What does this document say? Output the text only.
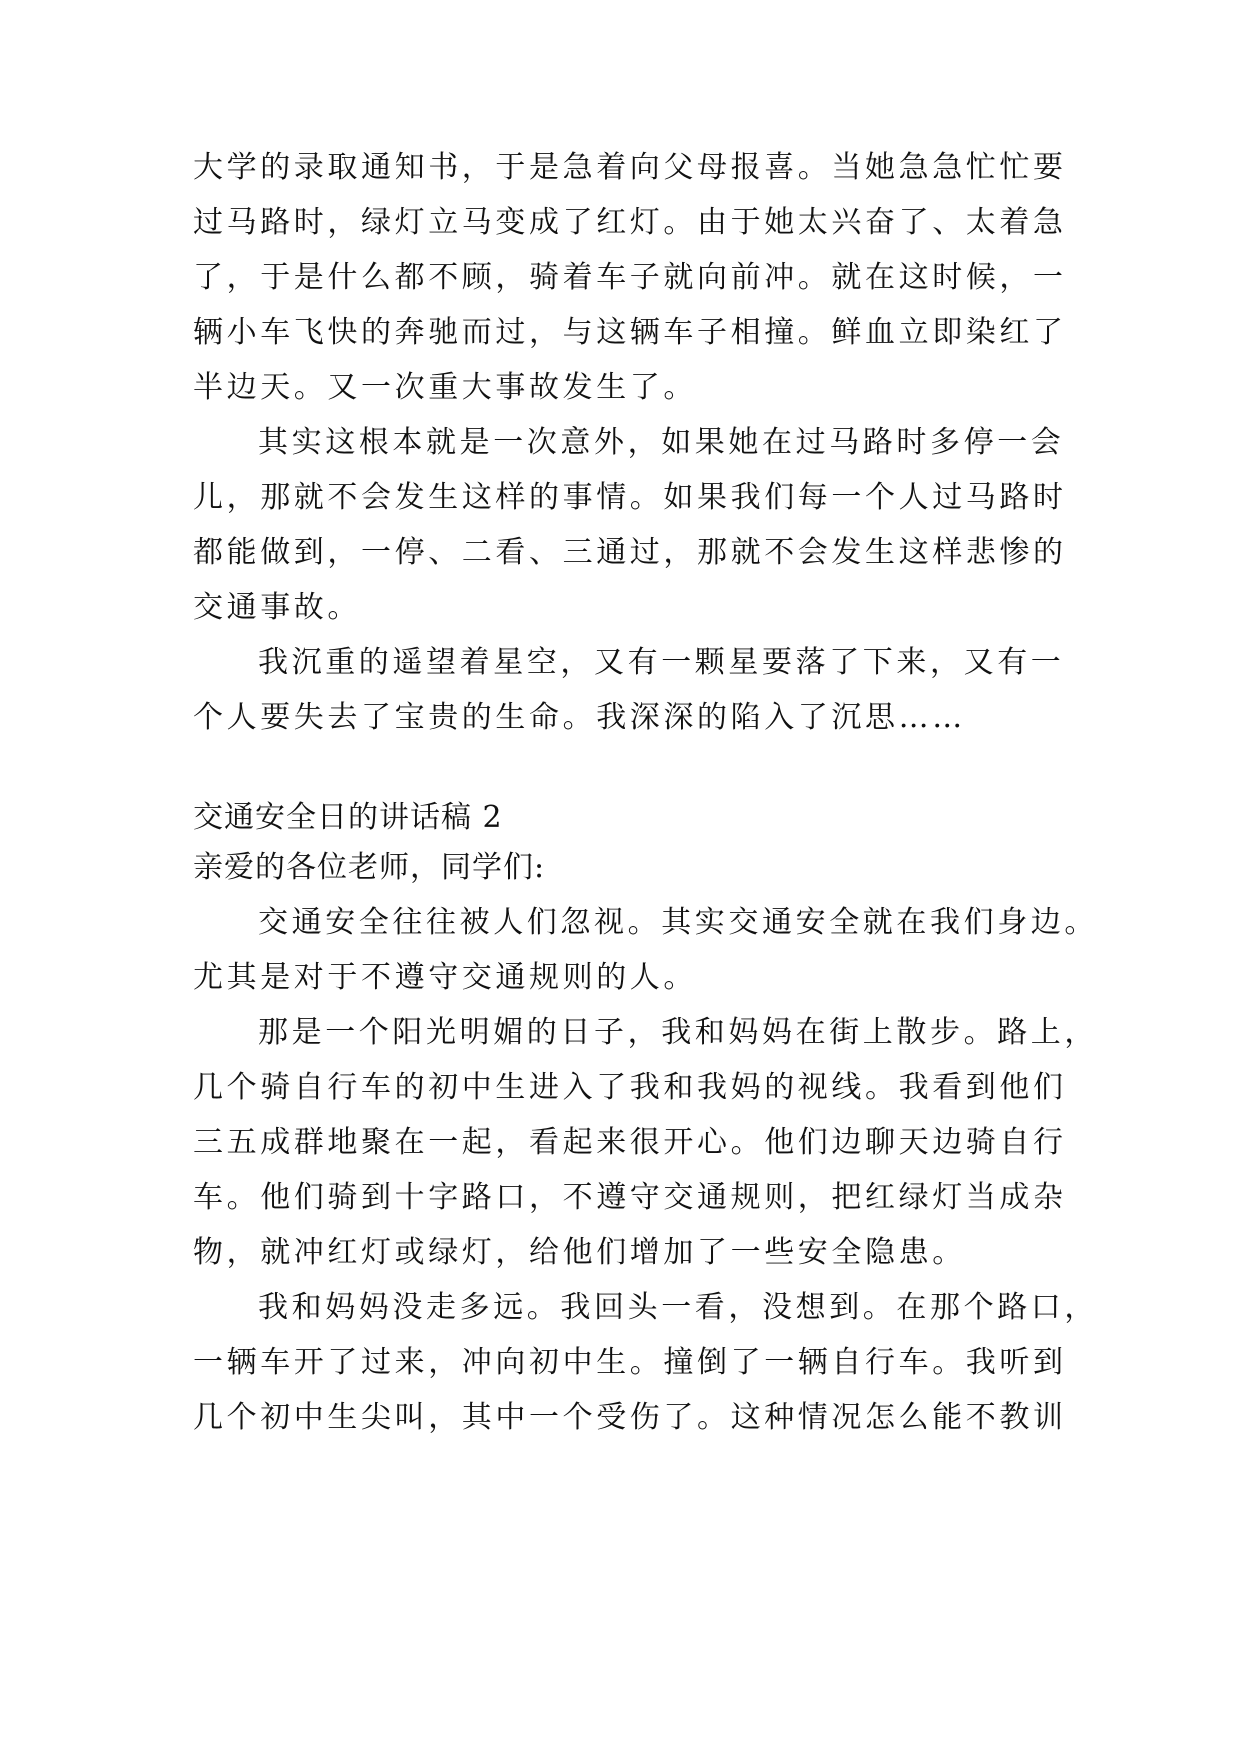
大学的录取通知书，于是急着向父母报喜。当她急急忙忙要
过马路时，绿灯立马变成了红灯。由于她太兴奋了、太着急
了，于是什么都不顾，骑着车子就向前冲。就在这时候，一
辆小车飞快的奔驰而过，与这辆车子相撞。鲜血立即染红了
半边天。又一次重大事故发生了。
其实这根本就是一次意外，如果她在过马路时多停一会
儿，那就不会发生这样的事情。如果我们每一个人过马路时
都能做到，一停、二看、三通过，那就不会发生这样悲惨的
交通事故。
我沉重的遥望着星空，又有一颗星要落了下来，又有一
个人要失去了宝贵的生命。我深深的陷入了沉思……
交通安全日的讲话稿 2
亲爱的各位老师，同学们:
交通安全往往被人们忽视。其实交通安全就在我们身边。
尤其是对于不遵守交通规则的人。
那是一个阳光明媚的日子，我和妈妈在街上散步。路上，
几个骑自行车的初中生进入了我和我妈的视线。我看到他们
三五成群地聚在一起，看起来很开心。他们边聊天边骑自行
车。他们骑到十字路口，不遵守交通规则，把红绿灯当成杂
物，就冲红灯或绿灯，给他们增加了一些安全隐患。
我和妈妈没走多远。我回头一看，没想到。在那个路口，
一辆车开了过来，冲向初中生。撞倒了一辆自行车。我听到
几个初中生尖叫，其中一个受伤了。这种情况怎么能不教训
